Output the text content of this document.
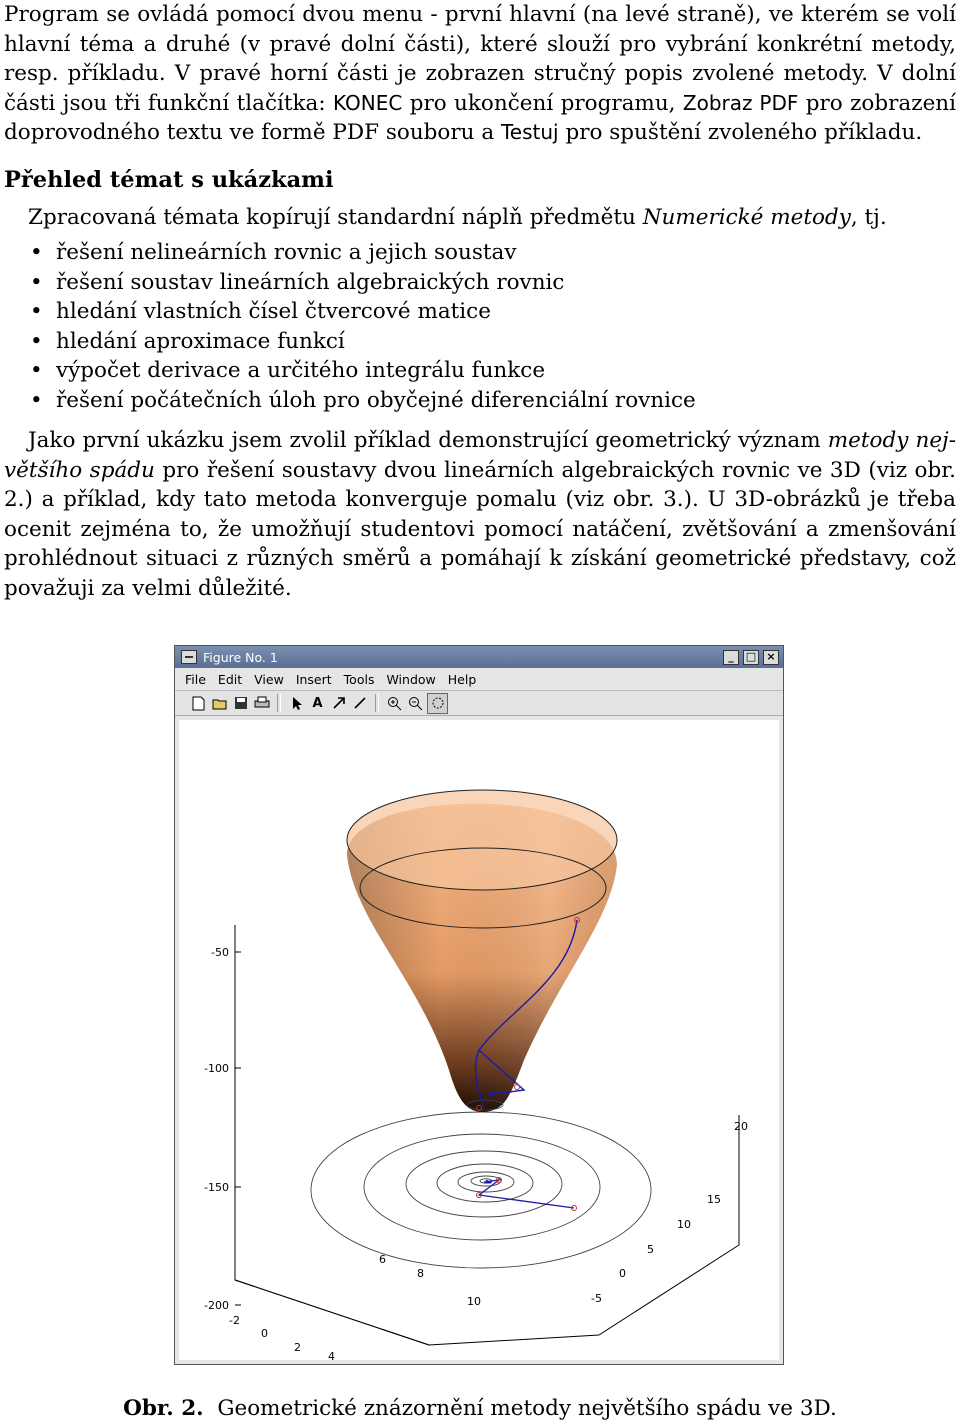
Program se ovládá pomocí dvou menu - první hlavní (na levé straně), ve kterém se volí hlavní téma a druhé (v pravé dolní části), které slouží pro vybrání konkrétní metody, resp. příkladu. V pravé horní části je zobrazen stručný popis zvolené metody. V dolní části jsou tři funkční tlačítka: KONEC pro ukončení programu, Zobraz PDF pro zobrazení doprovodného textu ve formě PDF souboru a Testuj pro spuštění zvoleného příkladu.

Přehled témat s ukázkami

Zpracovaná témata kopírují standardní náplň předmětu Numerické metody, tj.

• řešení nelineárních rovnic a jejich soustav
• řešení soustav lineárních algebraických rovnic
• hledání vlastních čísel čtvercové matice
• hledání aproximace funkcí
• výpočet derivace a určitého integrálu funkce
• řešení počátečních úloh pro obyčejné diferenciální rovnice

Jako první ukázku jsem zvolil příklad demonstrující geometrický význam metody největšího spádu pro řešení soustavy dvou lineárních algebraických rovnic ve 3D (viz obr. 2.) a příklad, kdy tato metoda konverguje pomalu (viz obr. 3.). U 3D-obrázků je třeba ocenit zejména to, že umožňují studentovi pomocí natáčení, zvětšování a zmenšování prohlédnout situaci z různých směrů a pomáhají k získání geometrické představy, což považuji za velmi důležité.

Figure No. 1	_	□ ×
File Edit View Insert Tools Window Help
A
-50
-100
-150
-200
-2
0
2
4
6
8
10	-5
0
5
10
15
20
Obr. 2. Geometrické znázornění metody největšího spádu ve 3D.
